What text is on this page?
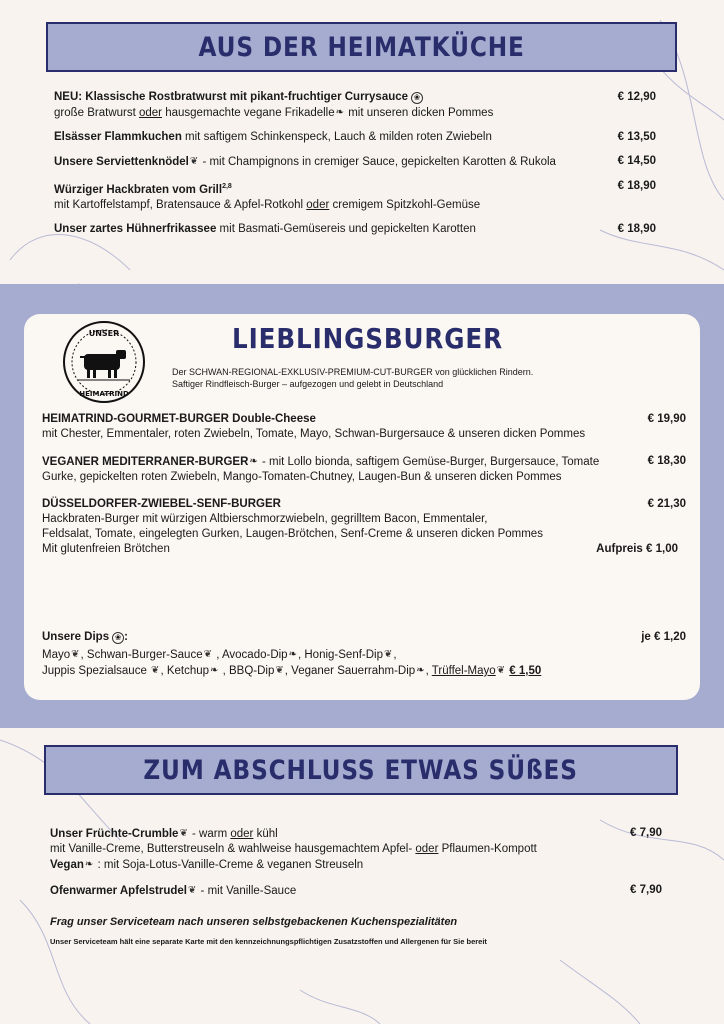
AUS DER HEIMATKÜCHE
NEU: Klassische Rostbratwurst mit pikant-fruchtiger Currysauce ❀	€ 12,90

große Bratwurst oder hausgemachte vegane Frikadelle❧ mit unseren dicken Pommes
Elsässer Flammkuchen mit saftigem Schinkenspeck, Lauch & milden roten Zwiebeln	€ 13,50
Unsere Serviettenknödel❦ - mit Champignons in cremiger Sauce, gepickelten Karotten & Rukola	€ 14,50
Würziger Hackbraten vom Grill$^{2,8}$	€ 18,90

mit Kartoffelstampf, Bratensauce & Apfel-Rotkohl oder cremigem Spitzkohl-Gemüse
Unser zartes Hühnerfrikassee mit Basmati-Gemüsereis und gepickelten Karotten	€ 18,90
UNSER
HEIMATRIND
LIEBLINGSBURGER
Der SCHWAN-REGIONAL-EXKLUSIV-PREMIUM-CUT-BURGER von glücklichen Rindern.
Saftiger Rindfleisch-Burger – aufgezogen und gelebt in Deutschland
HEIMATRIND-GOURMET-BURGER Double-Cheese	€ 19,90

mit Chester, Emmentaler, roten Zwiebeln, Tomate, Mayo, Schwan-Burgersauce & unseren dicken Pommes
VEGANER MEDITERRANER-BURGER❧ - mit Lollo bionda, saftigem Gemüse-Burger, Burgersauce, Tomate	€ 18,30

Gurke, gepickelten roten Zwiebeln, Mango-Tomaten-Chutney, Laugen-Bun & unseren dicken Pommes
DÜSSELDORFER-ZWIEBEL-SENF-BURGER	€ 21,30

Hackbraten-Burger mit würzigen Altbierschmorzwiebeln, gegrilltem Bacon, Emmentaler,
Feldsalat, Tomate, eingelegten Gurken, Laugen-Brötchen, Senf-Creme & unseren dicken Pommes
Mit glutenfreien Brötchen	Aufpreis € 1,00
Unsere Dips ❀ :	je € 1,20
Mayo❦, Schwan-Burger-Sauce❦ , Avocado-Dip❧, Honig-Senf-Dip❦,
Juppis Spezialsauce ❦, Ketchup❧ , BBQ-Dip❦, Veganer Sauerrahm-Dip❧, Trüffel-Mayo❦ € 1,50
ZUM ABSCHLUSS ETWAS SÜßES
Unser Früchte-Crumble❦ - warm oder kühl	€ 7,90

mit Vanille-Creme, Butterstreuseln & wahlweise hausgemachtem Apfel- oder Pflaumen-Kompott
Vegan❧ : mit Soja-Lotus-Vanille-Creme & veganen Streuseln
Ofenwarmer Apfelstrudel❦ - mit Vanille-Sauce	€ 7,90
Frag unser Serviceteam nach unseren selbstgebackenen Kuchenspezialitäten
Unser Serviceteam hält eine separate Karte mit den kennzeichnungspflichtigen Zusatzstoffen und Allergenen für Sie bereit
